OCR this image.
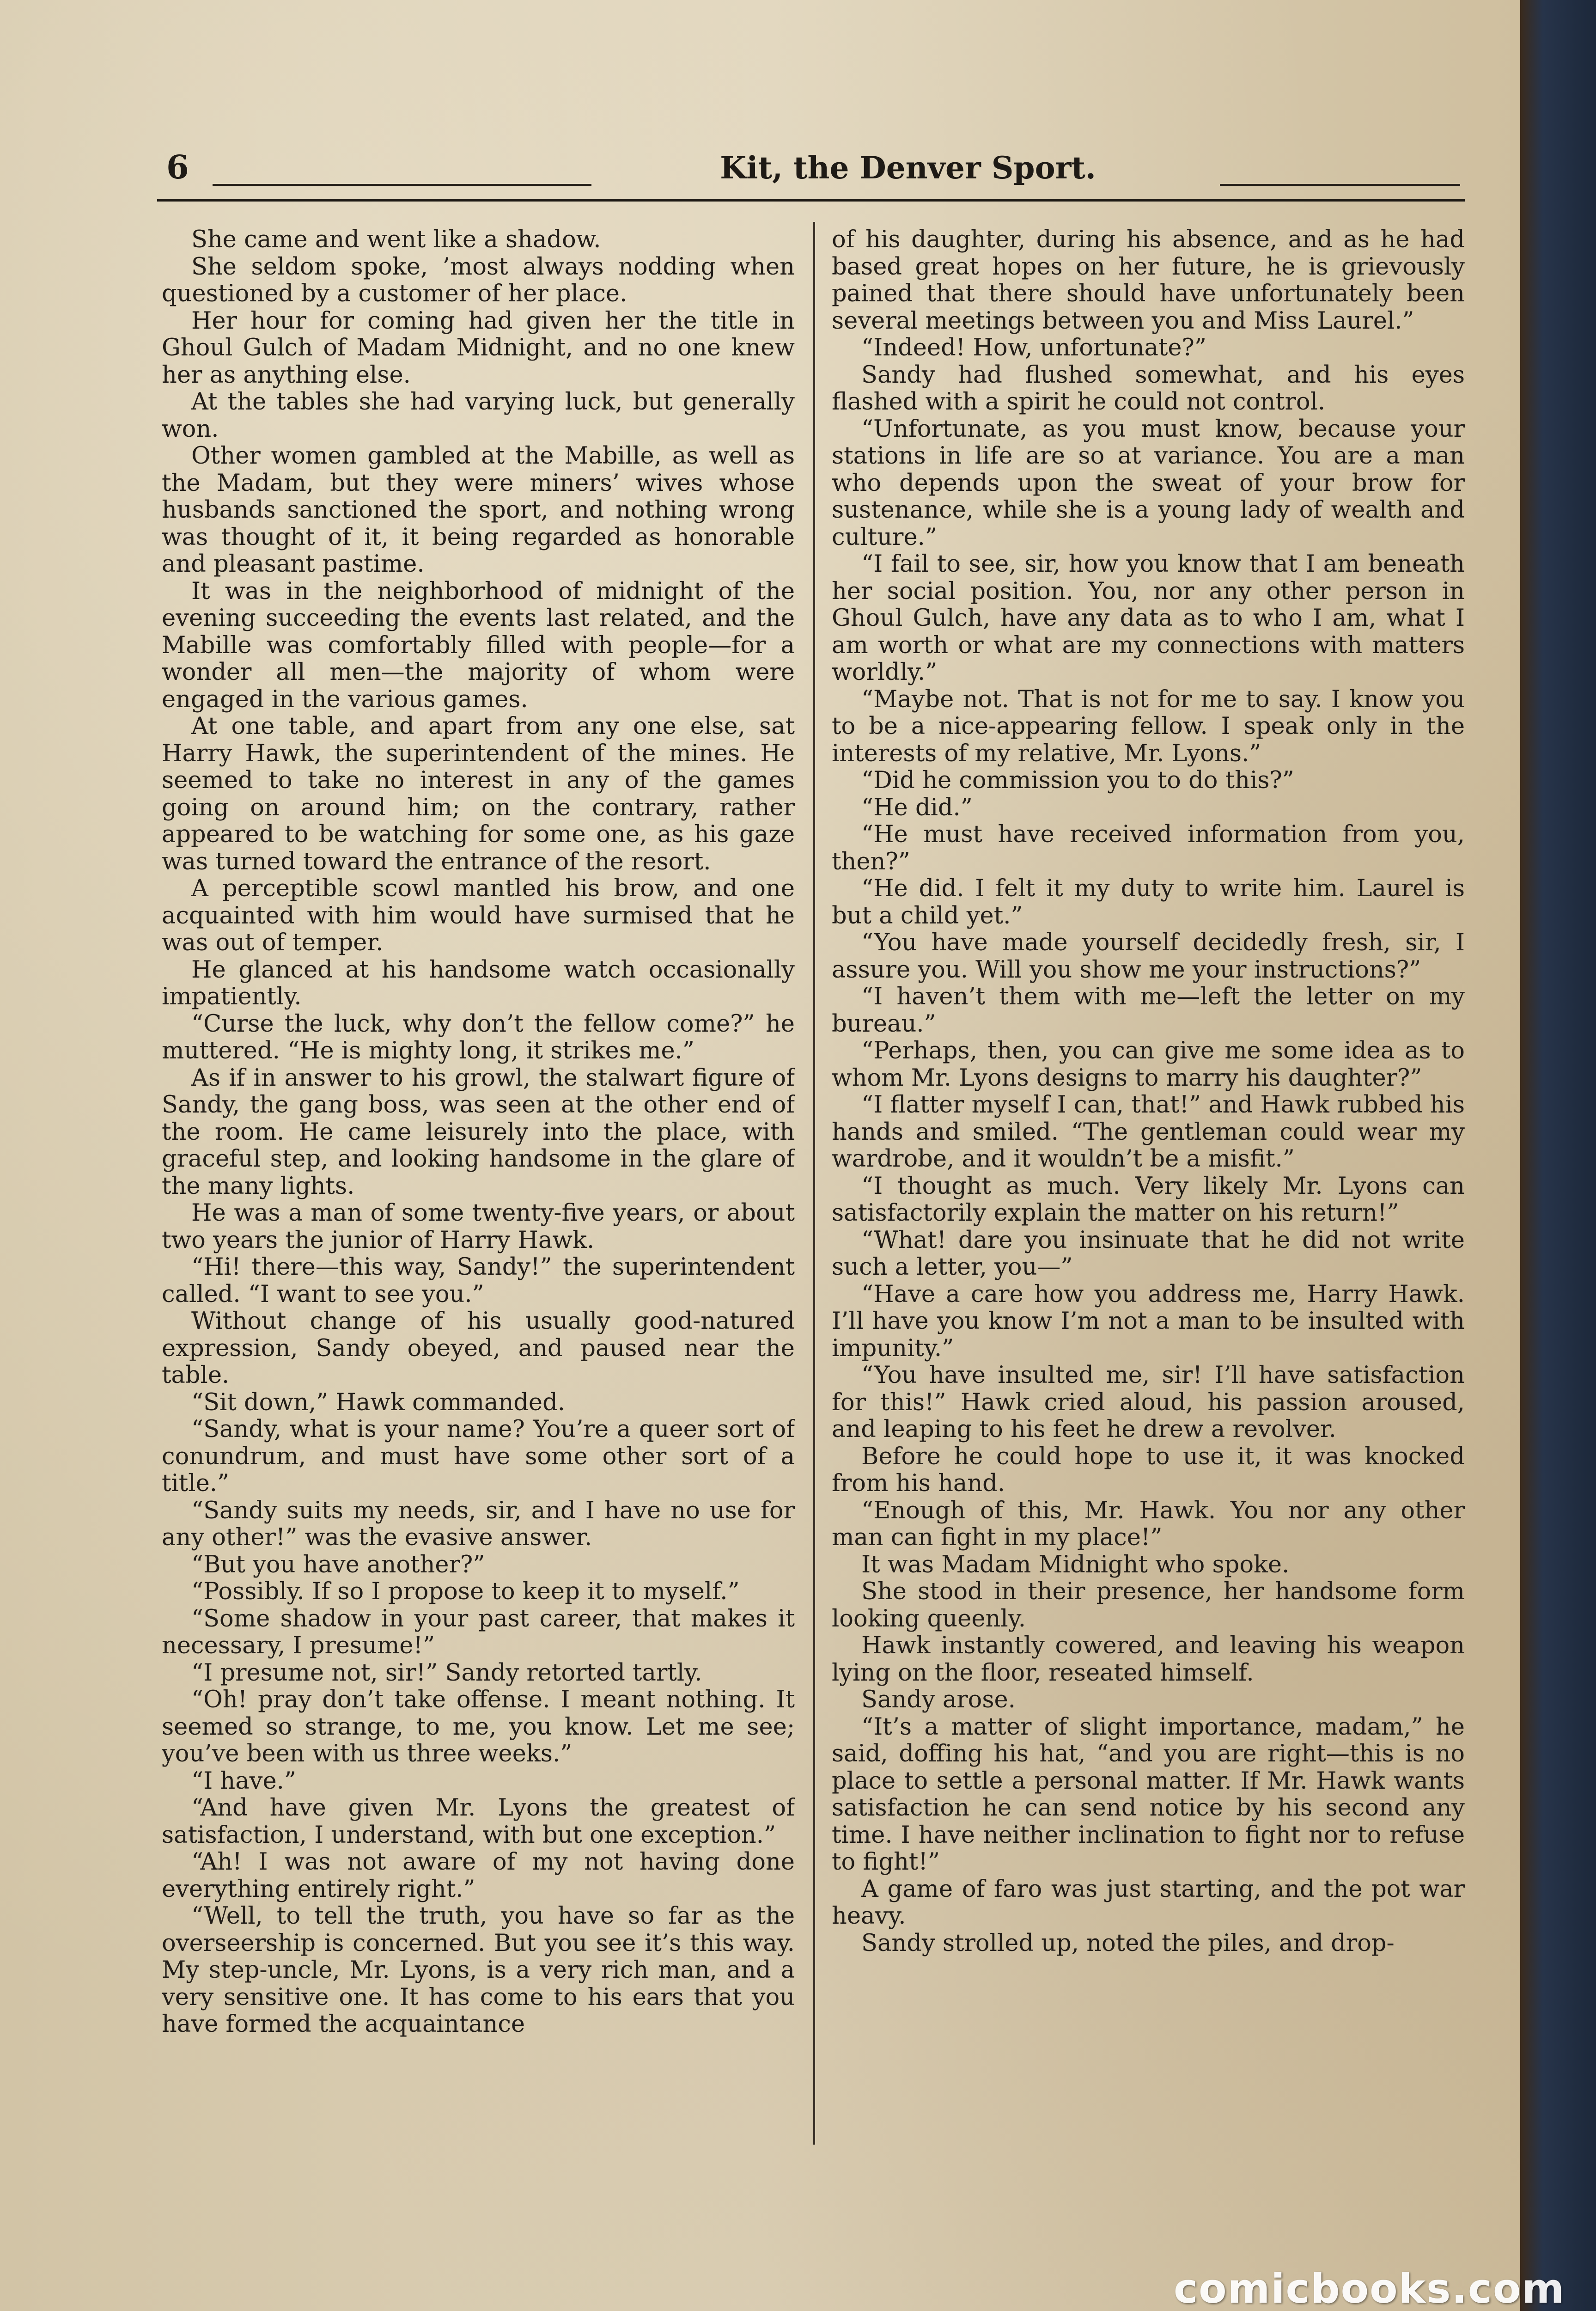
6	Kit, the Denver Sport.

She came and went like a shadow.

She seldom spoke, ’most always nodding when questioned by a customer of her place.

Her hour for coming had given her the title in Ghoul Gulch of Madam Midnight, and no one knew her as anything else.

At the tables she had varying luck, but generally won.

Other women gambled at the Mabille, as well as the Madam, but they were miners’ wives whose husbands sanctioned the sport, and nothing wrong was thought of it, it being regarded as honorable and pleasant pastime.

It was in the neighborhood of midnight of the evening succeeding the events last related, and the Mabille was comfortably filled with people—for a wonder all men—the majority of whom were engaged in the various games.

At one table, and apart from any one else, sat Harry Hawk, the superintendent of the mines. He seemed to take no interest in any of the games going on around him; on the contrary, rather appeared to be watching for some one, as his gaze was turned toward the entrance of the resort.

A perceptible scowl mantled his brow, and one acquainted with him would have surmised that he was out of temper.

He glanced at his handsome watch occasionally impatiently.

“Curse the luck, why don’t the fellow come?” he muttered. “He is mighty long, it strikes me.”

As if in answer to his growl, the stalwart figure of Sandy, the gang boss, was seen at the other end of the room. He came leisurely into the place, with graceful step, and looking handsome in the glare of the many lights.

He was a man of some twenty-five years, or about two years the junior of Harry Hawk.

“Hi! there—this way, Sandy!” the superintendent called. “I want to see you.”

Without change of his usually good-natured expression, Sandy obeyed, and paused near the table.

“Sit down,” Hawk commanded.

“Sandy, what is your name? You’re a queer sort of conundrum, and must have some other sort of a title.”

“Sandy suits my needs, sir, and I have no use for any other!” was the evasive answer.

“But you have another?”

“Possibly. If so I propose to keep it to myself.”

“Some shadow in your past career, that makes it necessary, I presume!”

“I presume not, sir!” Sandy retorted tartly.

“Oh! pray don’t take offense. I meant nothing. It seemed so strange, to me, you know. Let me see; you’ve been with us three weeks.”

“I have.”

“And have given Mr. Lyons the greatest of satisfaction, I understand, with but one exception.”

“Ah! I was not aware of my not having done everything entirely right.”

“Well, to tell the truth, you have so far as the overseership is concerned. But you see it’s this way. My step-uncle, Mr. Lyons, is a very rich man, and a very sensitive one. It has come to his ears that you have formed the acquaintance

of his daughter, during his absence, and as he had based great hopes on her future, he is grievously pained that there should have unfortunately been several meetings between you and Miss Laurel.”

“Indeed! How, unfortunate?”

Sandy had flushed somewhat, and his eyes flashed with a spirit he could not control.

“Unfortunate, as you must know, because your stations in life are so at variance. You are a man who depends upon the sweat of your brow for sustenance, while she is a young lady of wealth and culture.”

“I fail to see, sir, how you know that I am beneath her social position. You, nor any other person in Ghoul Gulch, have any data as to who I am, what I am worth or what are my connections with matters worldly.”

“Maybe not. That is not for me to say. I know you to be a nice-appearing fellow. I speak only in the interests of my relative, Mr. Lyons.”

“Did he commission you to do this?”

“He did.”

“He must have received information from you, then?”

“He did. I felt it my duty to write him. Laurel is but a child yet.”

“You have made yourself decidedly fresh, sir, I assure you. Will you show me your instructions?”

“I haven’t them with me—left the letter on my bureau.”

“Perhaps, then, you can give me some idea as to whom Mr. Lyons designs to marry his daughter?”

“I flatter myself I can, that!” and Hawk rubbed his hands and smiled. “The gentleman could wear my wardrobe, and it wouldn’t be a misfit.”

“I thought as much. Very likely Mr. Lyons can satisfactorily explain the matter on his return!”

“What! dare you insinuate that he did not write such a letter, you—”

“Have a care how you address me, Harry Hawk. I’ll have you know I’m not a man to be insulted with impunity.”

“You have insulted me, sir! I’ll have satisfaction for this!” Hawk cried aloud, his passion aroused, and leaping to his feet he drew a revolver.

Before he could hope to use it, it was knocked from his hand.

“Enough of this, Mr. Hawk. You nor any other man can fight in my place!”

It was Madam Midnight who spoke.

She stood in their presence, her handsome form looking queenly.

Hawk instantly cowered, and leaving his weapon lying on the floor, reseated himself.

Sandy arose.

“It’s a matter of slight importance, madam,” he said, doffing his hat, “and you are right—this is no place to settle a personal matter. If Mr. Hawk wants satisfaction he can send notice by his second any time. I have neither inclination to fight nor to refuse to fight!”

A game of faro was just starting, and the pot war heavy.

Sandy strolled up, noted the piles, and drop-

comicbooks.com
